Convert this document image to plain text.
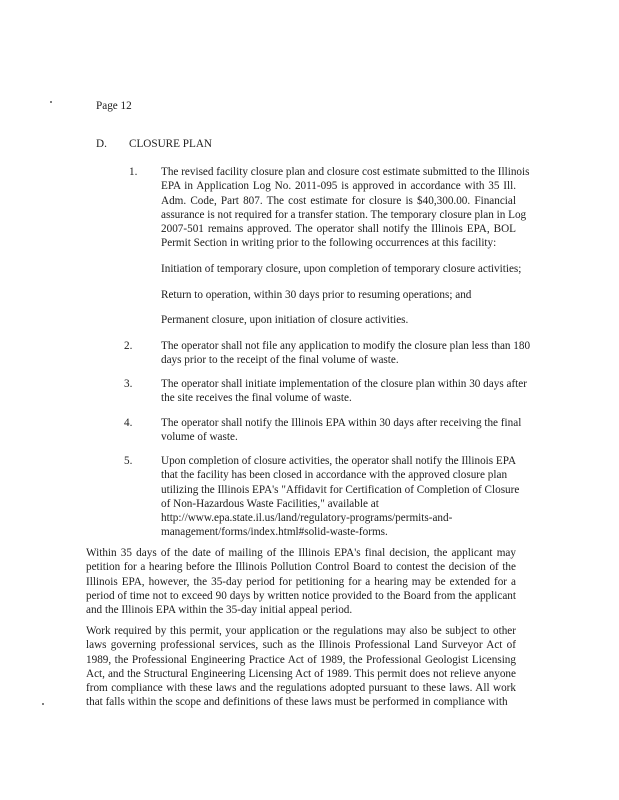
Page 12
D. CLOSURE PLAN
1. The revised facility closure plan and closure cost estimate submitted to the Illinois
EPA in Application Log No. 2011-095 is approved in accordance with 35 Ill.
Adm. Code, Part 807. The cost estimate for closure is $40,300.00. Financial
assurance is not required for a transfer station. The temporary closure plan in Log
2007-501 remains approved. The operator shall notify the Illinois EPA, BOL
Permit Section in writing prior to the following occurrences at this facility:
Initiation of temporary closure, upon completion of temporary closure activities;
Return to operation, within 30 days prior to resuming operations; and
Permanent closure, upon initiation of closure activities.
2.	The operator shall not file any application to modify the closure plan less than 180
days prior to the receipt of the final volume of waste.
3.	The operator shall initiate implementation of the closure plan within 30 days after
the site receives the final volume of waste.
4.	The operator shall notify the Illinois EPA within 30 days after receiving the final
volume of waste.
5.	Upon completion of closure activities, the operator shall notify the Illinois EPA
that the facility has been closed in accordance with the approved closure plan
utilizing the Illinois EPA's "Affidavit for Certification of Completion of Closure
of Non-Hazardous Waste Facilities," available at
http://www.epa.state.il.us/land/regulatory-programs/permits-and-
management/forms/index.html#solid-waste-forms.
Within 35 days of the date of mailing of the Illinois EPA's final decision, the applicant may
petition for a hearing before the Illinois Pollution Control Board to contest the decision of the
Illinois EPA, however, the 35-day period for petitioning for a hearing may be extended for a
period of time not to exceed 90 days by written notice provided to the Board from the applicant
and the Illinois EPA within the 35-day initial appeal period.
Work required by this permit, your application or the regulations may also be subject to other
laws governing professional services, such as the Illinois Professional Land Surveyor Act of
1989, the Professional Engineering Practice Act of 1989, the Professional Geologist Licensing
Act, and the Structural Engineering Licensing Act of 1989. This permit does not relieve anyone
from compliance with these laws and the regulations adopted pursuant to these laws. All work
that falls within the scope and definitions of these laws must be performed in compliance with
